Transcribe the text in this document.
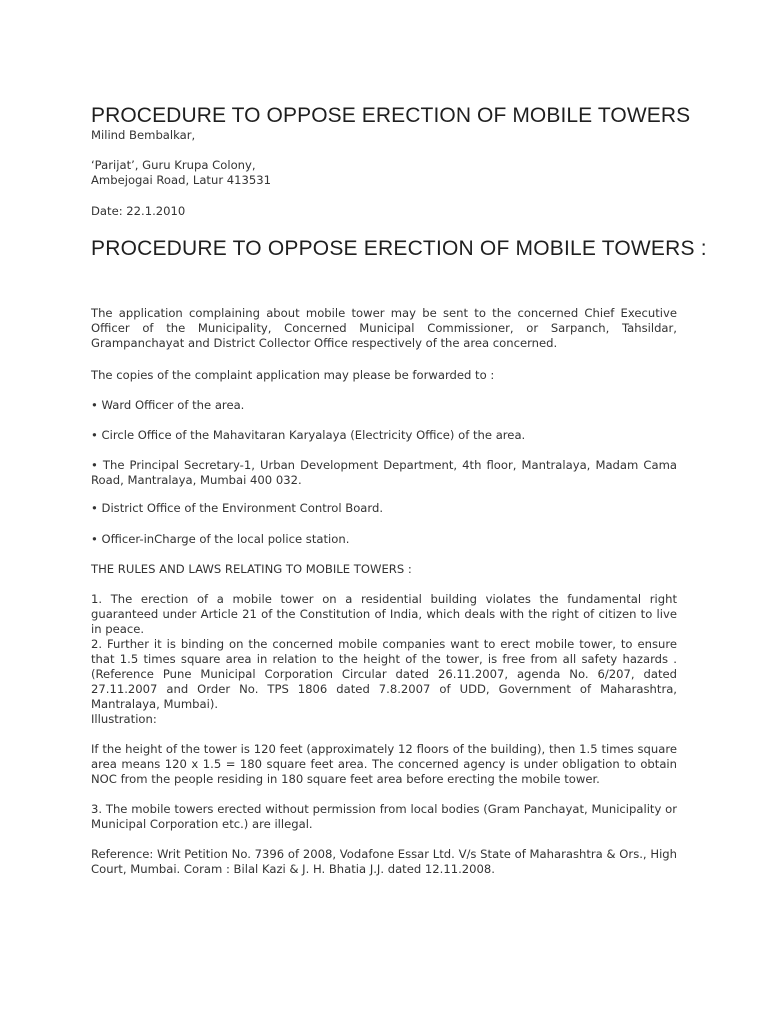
PROCEDURE TO OPPOSE ERECTION OF MOBILE TOWERS
Milind Bembalkar,
‘Parijat’, Guru Krupa Colony,
Ambejogai Road, Latur 413531
Date: 22.1.2010
PROCEDURE TO OPPOSE ERECTION OF MOBILE TOWERS :

The application complaining about mobile tower may be sent to the concerned Chief Executive Officer of the Municipality, Concerned Municipal Commissioner, or Sarpanch, Tahsildar, Grampanchayat and District Collector Office respectively of the area concerned.

The copies of the complaint application may please be forwarded to :

• Ward Officer of the area.

• Circle Office of the Mahavitaran Karyalaya (Electricity Office) of the area.

• The Principal Secretary-1, Urban Development Department, 4th floor, Mantralaya, Madam Cama Road, Mantralaya, Mumbai 400 032.

• District Office of the Environment Control Board.

• Officer-inCharge of the local police station.

THE RULES AND LAWS RELATING TO MOBILE TOWERS :

1. The erection of a mobile tower on a residential building violates the fundamental right guaranteed under Article 21 of the Constitution of India, which deals with the right of citizen to live in peace.

2. Further it is binding on the concerned mobile companies want to erect mobile tower, to ensure that 1.5 times square area in relation to the height of the tower, is free from all safety hazards . (Reference Pune Municipal Corporation Circular dated 26.11.2007, agenda No. 6/207, dated 27.11.2007 and Order No. TPS 1806 dated 7.8.2007 of UDD, Government of Maharashtra, Mantralaya, Mumbai).

Illustration:

If the height of the tower is 120 feet (approximately 12 floors of the building), then 1.5 times square area means 120 x 1.5 = 180 square feet area. The concerned agency is under obligation to obtain NOC from the people residing in 180 square feet area before erecting the mobile tower.

3. The mobile towers erected without permission from local bodies (Gram Panchayat, Municipality or Municipal Corporation etc.) are illegal.

Reference: Writ Petition No. 7396 of 2008, Vodafone Essar Ltd. V/s State of Maharashtra & Ors., High Court, Mumbai. Coram : Bilal Kazi & J. H. Bhatia J.J. dated 12.11.2008.
